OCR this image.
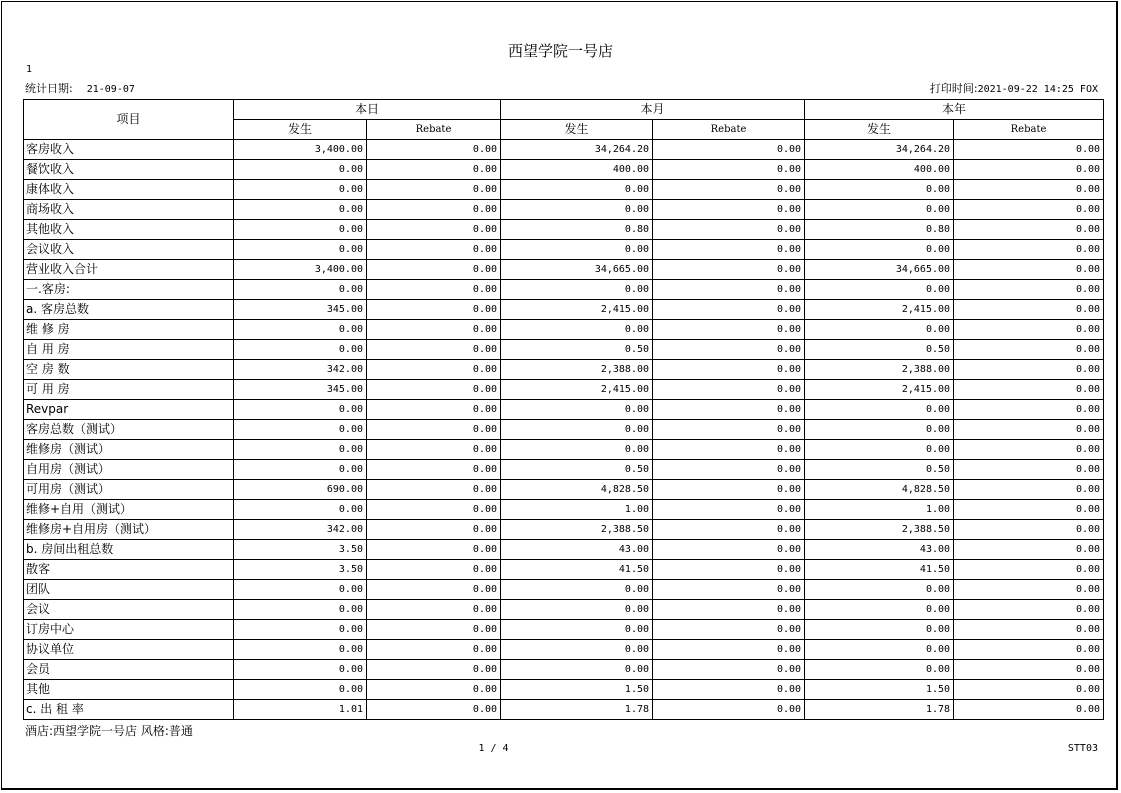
西望学院一号店
1
统计日期: 21-09-07	打印时间:2021-09-22 14:25 FOX
项目	本日		本月		本年	
	发生	Rebate	发生	Rebate	发生	Rebate
客房收入	3,400.00	0.00	34,264.20	0.00	34,264.20	0.00
餐饮收入	0.00	0.00	400.00	0.00	400.00	0.00
康体收入	0.00	0.00	0.00	0.00	0.00	0.00
商场收入	0.00	0.00	0.00	0.00	0.00	0.00
其他收入	0.00	0.00	0.80	0.00	0.80	0.00
会议收入	0.00	0.00	0.00	0.00	0.00	0.00
营业收入合计	3,400.00	0.00	34,665.00	0.00	34,665.00	0.00
一.客房:	0.00	0.00	0.00	0.00	0.00	0.00
a. 客房总数	345.00	0.00	2,415.00	0.00	2,415.00	0.00
维 修 房	0.00	0.00	0.00	0.00	0.00	0.00
自 用 房	0.00	0.00	0.50	0.00	0.50	0.00
空 房 数	342.00	0.00	2,388.00	0.00	2,388.00	0.00
可 用 房	345.00	0.00	2,415.00	0.00	2,415.00	0.00
Revpar	0.00	0.00	0.00	0.00	0.00	0.00
客房总数（测试）	0.00	0.00	0.00	0.00	0.00	0.00
维修房（测试）	0.00	0.00	0.00	0.00	0.00	0.00
自用房（测试）	0.00	0.00	0.50	0.00	0.50	0.00
可用房（测试）	690.00	0.00	4,828.50	0.00	4,828.50	0.00
维修+自用（测试）	0.00	0.00	1.00	0.00	1.00	0.00
维修房+自用房（测试）	342.00	0.00	2,388.50	0.00	2,388.50	0.00
b. 房间出租总数	3.50	0.00	43.00	0.00	43.00	0.00
散客	3.50	0.00	41.50	0.00	41.50	0.00
团队	0.00	0.00	0.00	0.00	0.00	0.00
会议	0.00	0.00	0.00	0.00	0.00	0.00
订房中心	0.00	0.00	0.00	0.00	0.00	0.00
协议单位	0.00	0.00	0.00	0.00	0.00	0.00
会员	0.00	0.00	0.00	0.00	0.00	0.00
其他	0.00	0.00	1.50	0.00	1.50	0.00
c. 出 租 率	1.01	0.00	1.78	0.00	1.78	0.00
酒店:西望学院一号店 风格:普通
1 / 4	STT03
